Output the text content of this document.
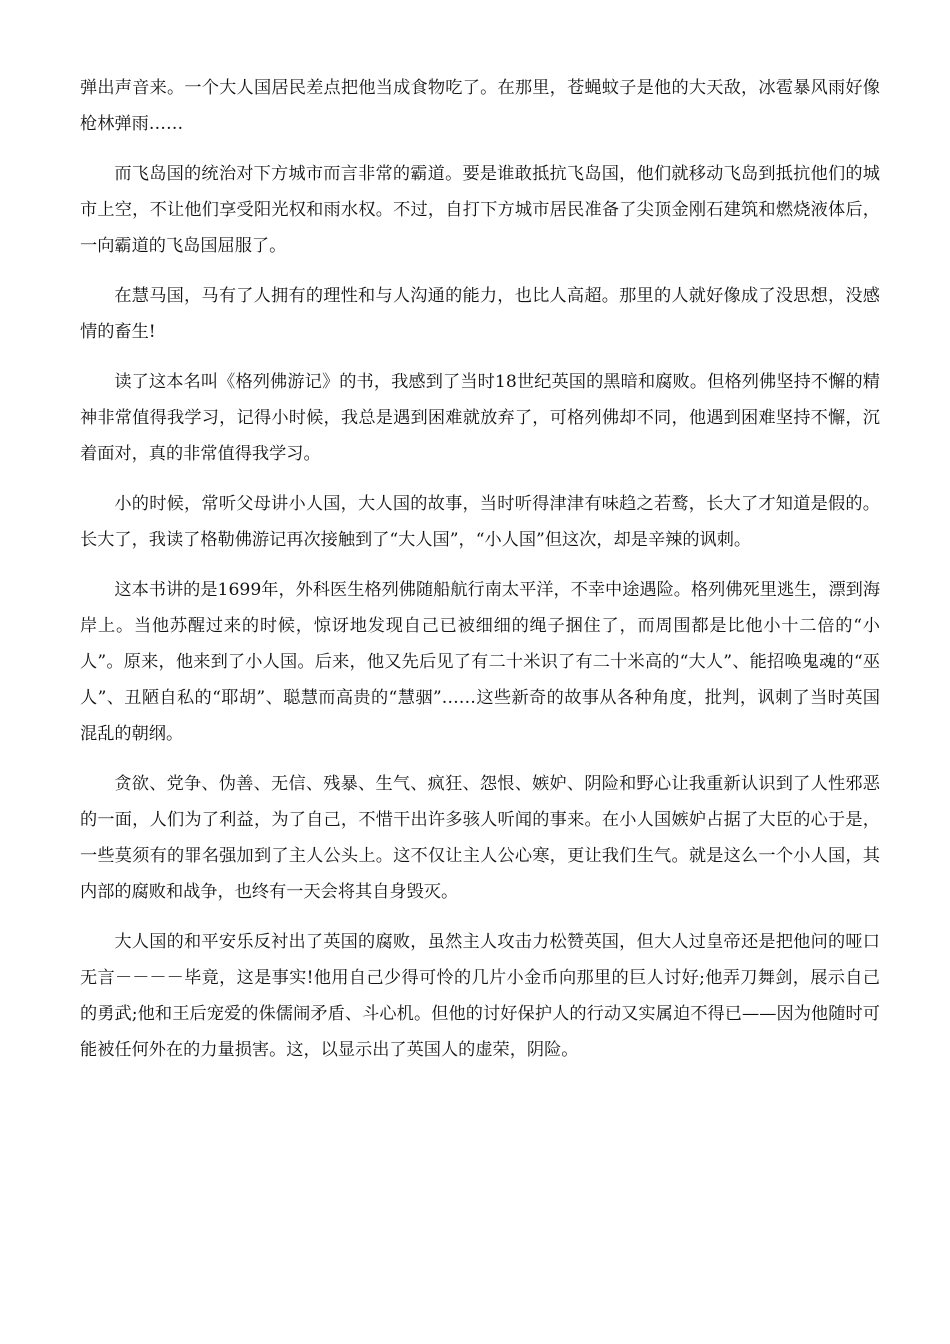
弹出声音来。一个大人国居民差点把他当成食物吃了。在那里，苍蝇蚊子是他的大天敌，冰雹暴风雨好像枪林弹雨……

而飞岛国的统治对下方城市而言非常的霸道。要是谁敢抵抗飞岛国，他们就移动飞岛到抵抗他们的城市上空，不让他们享受阳光权和雨水权。不过，自打下方城市居民准备了尖顶金刚石建筑和燃烧液体后，一向霸道的飞岛国屈服了。

在慧马国，马有了人拥有的理性和与人沟通的能力，也比人高超。那里的人就好像成了没思想，没感情的畜生!

读了这本名叫《格列佛游记》的书，我感到了当时18世纪英国的黑暗和腐败。但格列佛坚持不懈的精神非常值得我学习，记得小时候，我总是遇到困难就放弃了，可格列佛却不同，他遇到困难坚持不懈，沉着面对，真的非常值得我学习。

小的时候，常听父母讲小人国，大人国的故事，当时听得津津有味趋之若鹜，长大了才知道是假的。长大了，我读了格勒佛游记再次接触到了“大人国”，“小人国”但这次，却是辛辣的讽刺。

这本书讲的是1699年，外科医生格列佛随船航行南太平洋，不幸中途遇险。格列佛死里逃生，漂到海岸上。当他苏醒过来的时候，惊讶地发现自己已被细细的绳子捆住了，而周围都是比他小十二倍的“小人”。原来，他来到了小人国。后来，他又先后见了有二十米识了有二十米高的“大人”、能招唤鬼魂的“巫人”、丑陋自私的“耶胡”、聪慧而高贵的“慧骃”……这些新奇的故事从各种角度，批判，讽刺了当时英国混乱的朝纲。

贪欲、党争、伪善、无信、残暴、生气、疯狂、怨恨、嫉妒、阴险和野心让我重新认识到了人性邪恶的一面，人们为了利益，为了自己，不惜干出许多骇人听闻的事来。在小人国嫉妒占据了大臣的心于是，一些莫须有的罪名强加到了主人公头上。这不仅让主人公心寒，更让我们生气。就是这么一个小人国，其内部的腐败和战争，也终有一天会将其自身毁灭。

大人国的和平安乐反衬出了英国的腐败，虽然主人攻击力松赞英国，但大人过皇帝还是把他问的哑口无言－－－－毕竟，这是事实!他用自己少得可怜的几片小金币向那里的巨人讨好;他弄刀舞剑，展示自己的勇武;他和王后宠爱的侏儒闹矛盾、斗心机。但他的讨好保护人的行动又实属迫不得已——因为他随时可能被任何外在的力量损害。这，以显示出了英国人的虚荣，阴险。
